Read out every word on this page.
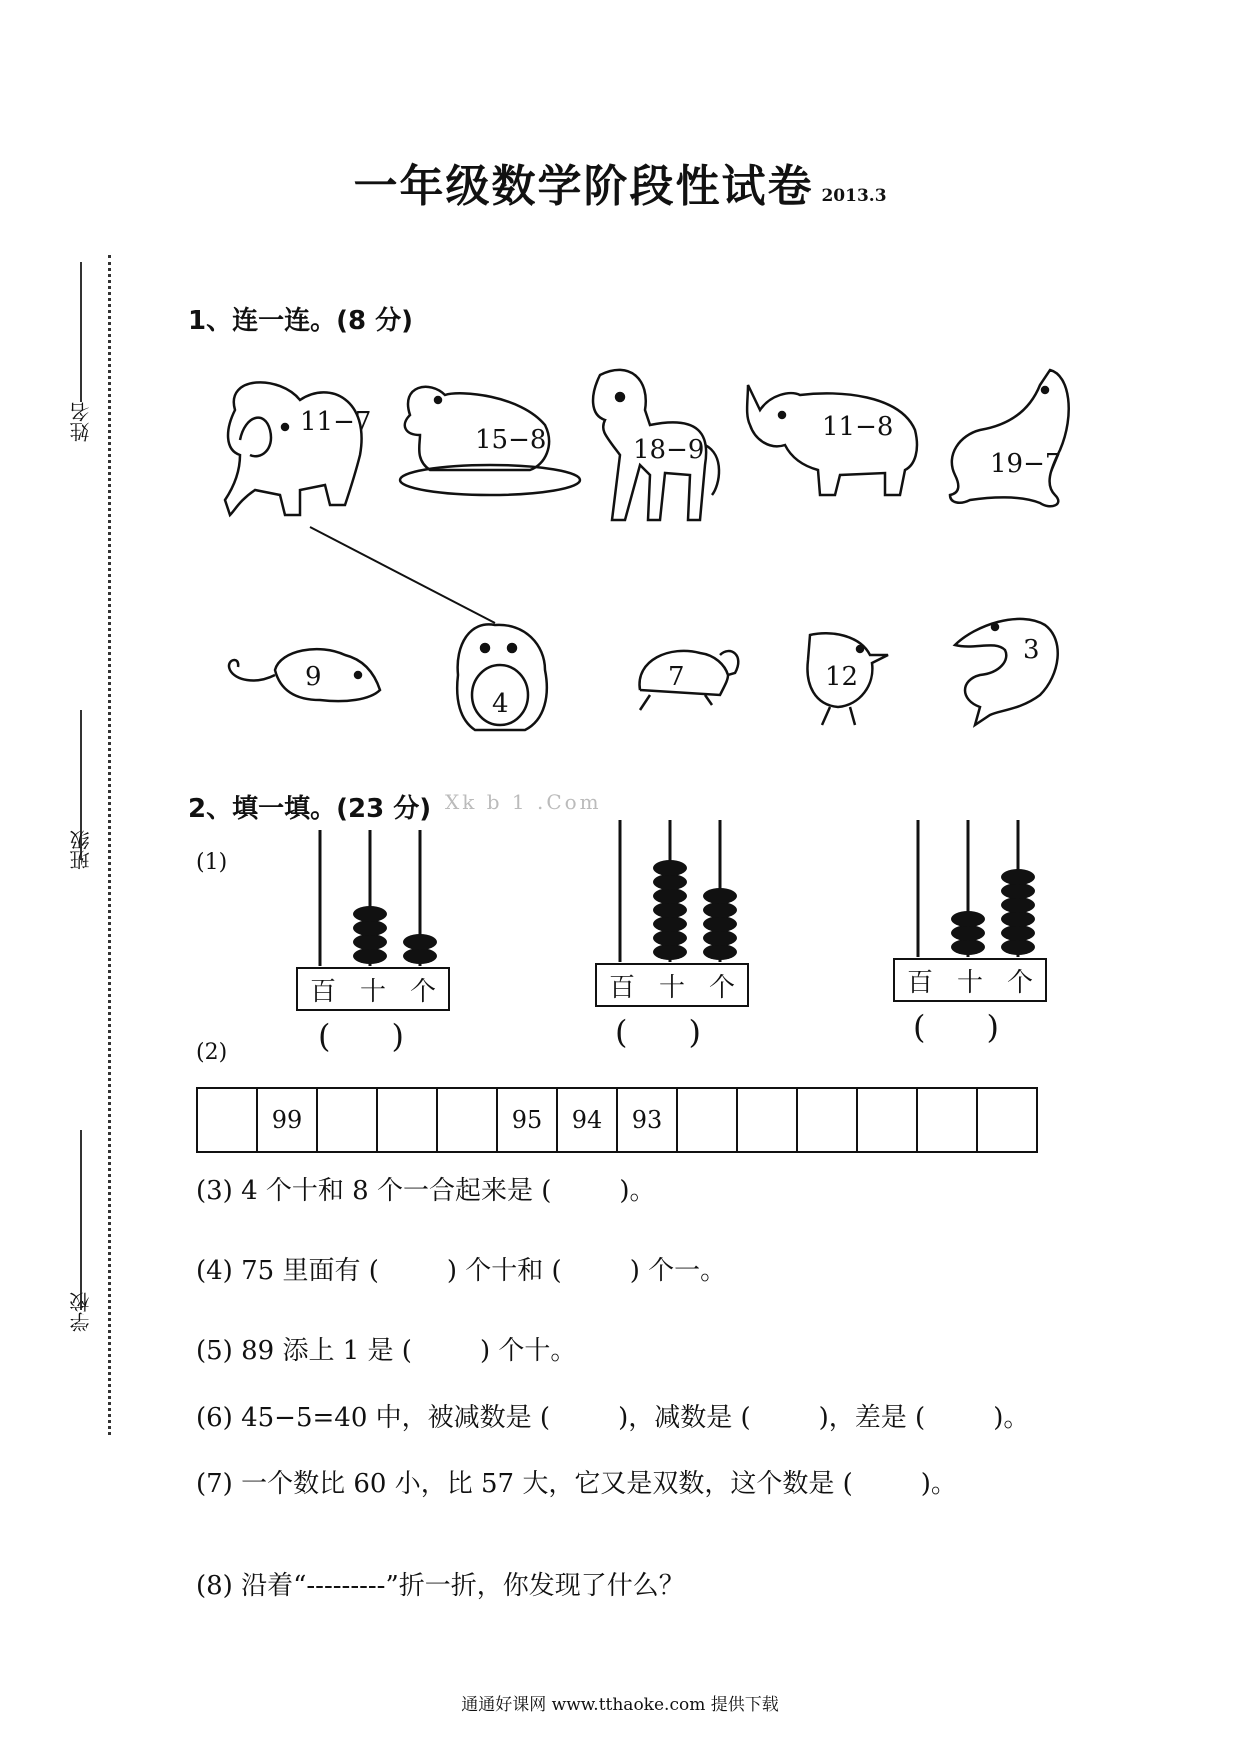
一年级数学阶段性试卷 2013.3
姓名
班级
学校
1、连一连。(8 分)
11−7
15−8	18−9
11−8
19−7
9
4
7	12
3
2、填一填。(23 分) Xk b 1 .Com
(1)
百 十 个	百 十 个	百 十 个
(      )	(      )	(      )
(2)
	99				95	94	93						
(3) 4 个十和 8 个一合起来是 (	)。
(4) 75 里面有 (	) 个十和 (	) 个一。
(5) 89 添上 1 是 (	) 个十。
(6) 45−5=40 中，被减数是 (	)，减数是 (	)，差是 (	)。
(7) 一个数比 60 小，比 57 大，它又是双数，这个数是 (	)。
(8) 沿着“---------”折一折，你发现了什么？
通通好课网 www.tthaoke.com 提供下载
